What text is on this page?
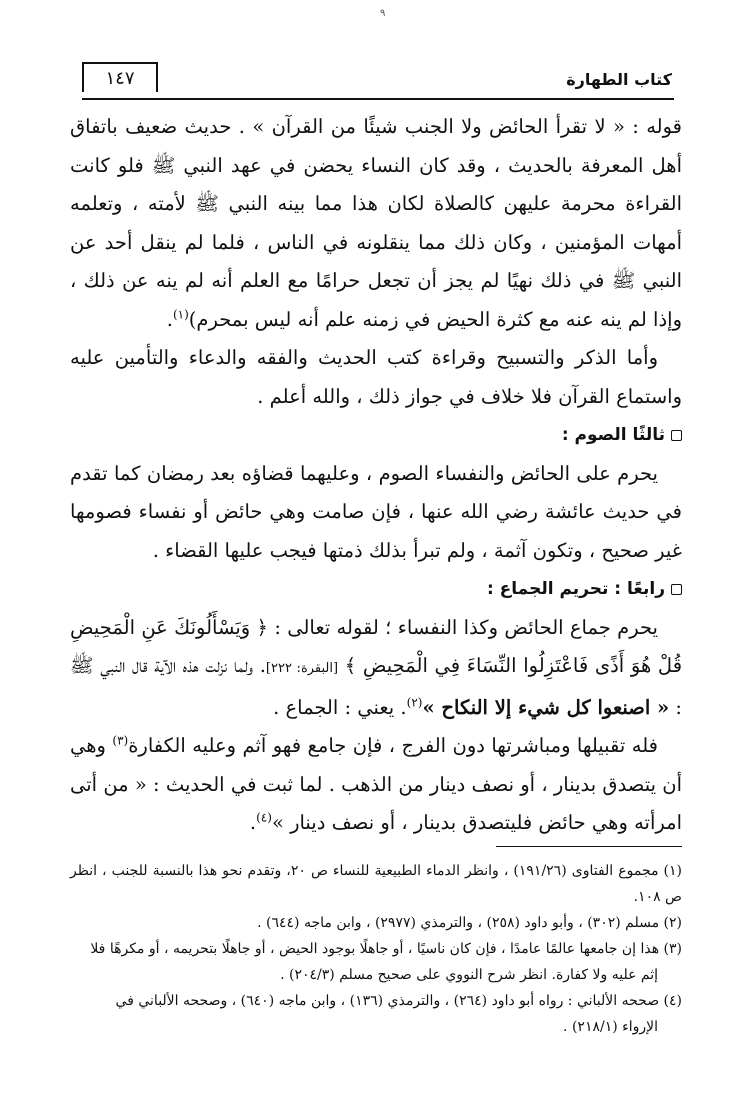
٩
١٤٧	كتاب الطهارة

قوله : « لا تقرأ الحائض ولا الجنب شيئًا من القرآن » . حديث ضعيف باتفاق أهل المعرفة بالحديث ، وقد كان النساء يحضن في عهد النبي ﷺ فلو كانت القراءة محرمة عليهن كالصلاة لكان هذا مما بينه النبي ﷺ لأمته ، وتعلمه أمهات المؤمنين ، وكان ذلك مما ينقلونه في الناس ، فلما لم ينقل أحد عن النبي ﷺ في ذلك نهيًا لم يجز أن تجعل حرامًا مع العلم أنه لم ينه عن ذلك ، وإذا لم ينه عنه مع كثرة الحيض في زمنه علم أنه ليس بمحرم)$^{(١)}$.

وأما الذكر والتسبيح وقراءة كتب الحديث والفقه والدعاء والتأمين عليه واستماع القرآن فلا خلاف في جواز ذلك ، والله أعلم .

ثالثًا الصوم :

يحرم على الحائض والنفساء الصوم ، وعليهما قضاؤه بعد رمضان كما تقدم في حديث عائشة رضي الله عنها ، فإن صامت وهي حائض أو نفساء فصومها غير صحيح ، وتكون آثمة ، ولم تبرأ بذلك ذمتها فيجب عليها القضاء .

رابعًا : تحريم الجماع :

يحرم جماع الحائض وكذا النفساء ؛ لقوله تعالى : ﴿ وَيَسْأَلُونَكَ عَنِ الْمَحِيضِ قُلْ هُوَ أَذًى فَاعْتَزِلُوا النِّسَاءَ فِي الْمَحِيضِ ﴾ [البقرة: ٢٢٢]. ولما نزلت هذه الآية قال النبي ﷺ : « اصنعوا كل شيء إلا النكاح »$^{(٢)}$. يعني : الجماع .

فله تقبيلها ومباشرتها دون الفرج ، فإن جامع فهو آثم وعليه الكفارة$^{(٣)}$ وهي أن يتصدق بدينار ، أو نصف دينار من الذهب . لما ثبت في الحديث : « من أتى امرأته وهي حائض فليتصدق بدينار ، أو نصف دينار »$^{(٤)}$.

(١) مجموع الفتاوى (١٩١/٢٦) ، وانظر الدماء الطبيعية للنساء ص ٢٠، وتقدم نحو هذا بالنسبة للجنب ، انظر ص ١٠٨.

(٢) مسلم (٣٠٢) ، وأبو داود (٢٥٨) ، والترمذي (٢٩٧٧) ، وابن ماجه (٦٤٤) .

(٣) هذا إن جامعها عالمًا عامدًا ، فإن كان ناسيًا ، أو جاهلًا بوجود الحيض ، أو جاهلًا بتحريمه ، أو مكرهًا فلا

إثم عليه ولا كفارة. انظر شرح النووي على صحيح مسلم (٢٠٤/٣) .

(٤) صححه الألباني : رواه أبو داود (٢٦٤) ، والترمذي (١٣٦) ، وابن ماجه (٦٤٠) ، وصححه الألباني في

الإرواء (٢١٨/١) .
